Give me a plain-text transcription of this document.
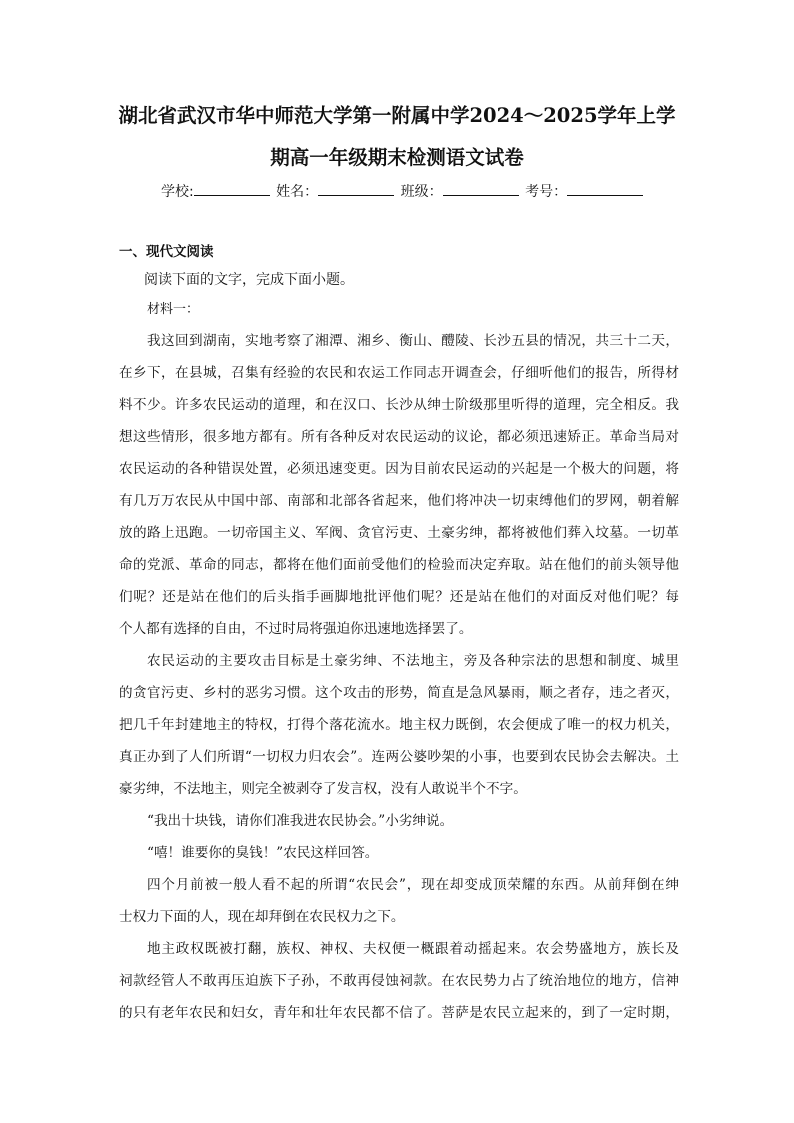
湖北省武汉市华中师范大学第一附属中学2024～2025学年上学
期高一年级期末检测语文试卷
学校:	姓名：	班级：	考号：
一、现代文阅读
阅读下面的文字，完成下面小题。
材料一：
我这回到湖南，实地考察了湘潭、湘乡、衡山、醴陵、长沙五县的情况，共三十二天，
在乡下，在县城，召集有经验的农民和农运工作同志开调查会，仔细听他们的报告，所得材
料不少。许多农民运动的道理，和在汉口、长沙从绅士阶级那里听得的道理，完全相反。我
想这些情形，很多地方都有。所有各种反对农民运动的议论，都必须迅速矫正。革命当局对
农民运动的各种错误处置，必须迅速变更。因为目前农民运动的兴起是一个极大的问题，将
有几万万农民从中国中部、南部和北部各省起来，他们将冲决一切束缚他们的罗网，朝着解
放的路上迅跑。一切帝国主义、军阀、贪官污吏、土豪劣绅，都将被他们葬入坟墓。一切革
命的党派、革命的同志，都将在他们面前受他们的检验而决定弃取。站在他们的前头领导他
们呢？还是站在他们的后头指手画脚地批评他们呢？还是站在他们的对面反对他们呢？每
个人都有选择的自由，不过时局将强迫你迅速地选择罢了。
农民运动的主要攻击目标是土豪劣绅、不法地主，旁及各种宗法的思想和制度、城里
的贪官污吏、乡村的恶劣习惯。这个攻击的形势，简直是急风暴雨，顺之者存，违之者灭，
把几千年封建地主的特权，打得个落花流水。地主权力既倒，农会便成了唯一的权力机关，
真正办到了人们所谓“一切权力归农会”。连两公婆吵架的小事，也要到农民协会去解决。土
豪劣绅，不法地主，则完全被剥夺了发言权，没有人敢说半个不字。
“我出十块钱，请你们准我进农民协会。”小劣绅说。
“嘻！谁要你的臭钱！”农民这样回答。
四个月前被一般人看不起的所谓“农民会”，现在却变成顶荣耀的东西。从前拜倒在绅
士权力下面的人，现在却拜倒在农民权力之下。
地主政权既被打翻，族权、神权、夫权便一概跟着动摇起来。农会势盛地方，族长及
祠款经管人不敢再压迫族下子孙，不敢再侵蚀祠款。在农民势力占了统治地位的地方，信神
的只有老年农民和妇女，青年和壮年农民都不信了。菩萨是农民立起来的，到了一定时期，
